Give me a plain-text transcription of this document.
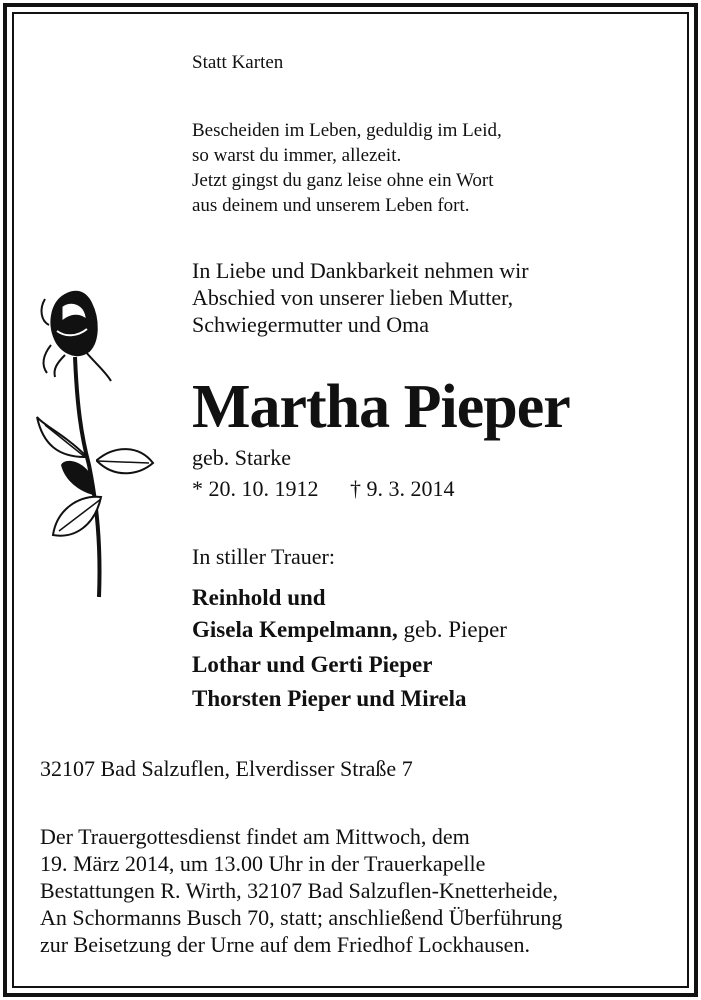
Statt Karten
Bescheiden im Leben, geduldig im Leid,
so warst du immer, allezeit.
Jetzt gingst du ganz leise ohne ein Wort
aus deinem und unserem Leben fort.
In Liebe und Dankbarkeit nehmen wir
Abschied von unserer lieben Mutter,
Schwiegermutter und Oma
Martha Pieper
geb. Starke
* 20. 10. 1912 † 9. 3. 2014
In stiller Trauer:
Reinhold und
Gisela Kempelmann, geb. Pieper
Lothar und Gerti Pieper
Thorsten Pieper und Mirela
32107 Bad Salzuflen, Elverdisser Straße 7
Der Trauergottesdienst findet am Mittwoch, dem
19. März 2014, um 13.00 Uhr in der Trauerkapelle
Bestattungen R. Wirth, 32107 Bad Salzuflen-Knetterheide,
An Schormanns Busch 70, statt; anschließend Überführung
zur Beisetzung der Urne auf dem Friedhof Lockhausen.
